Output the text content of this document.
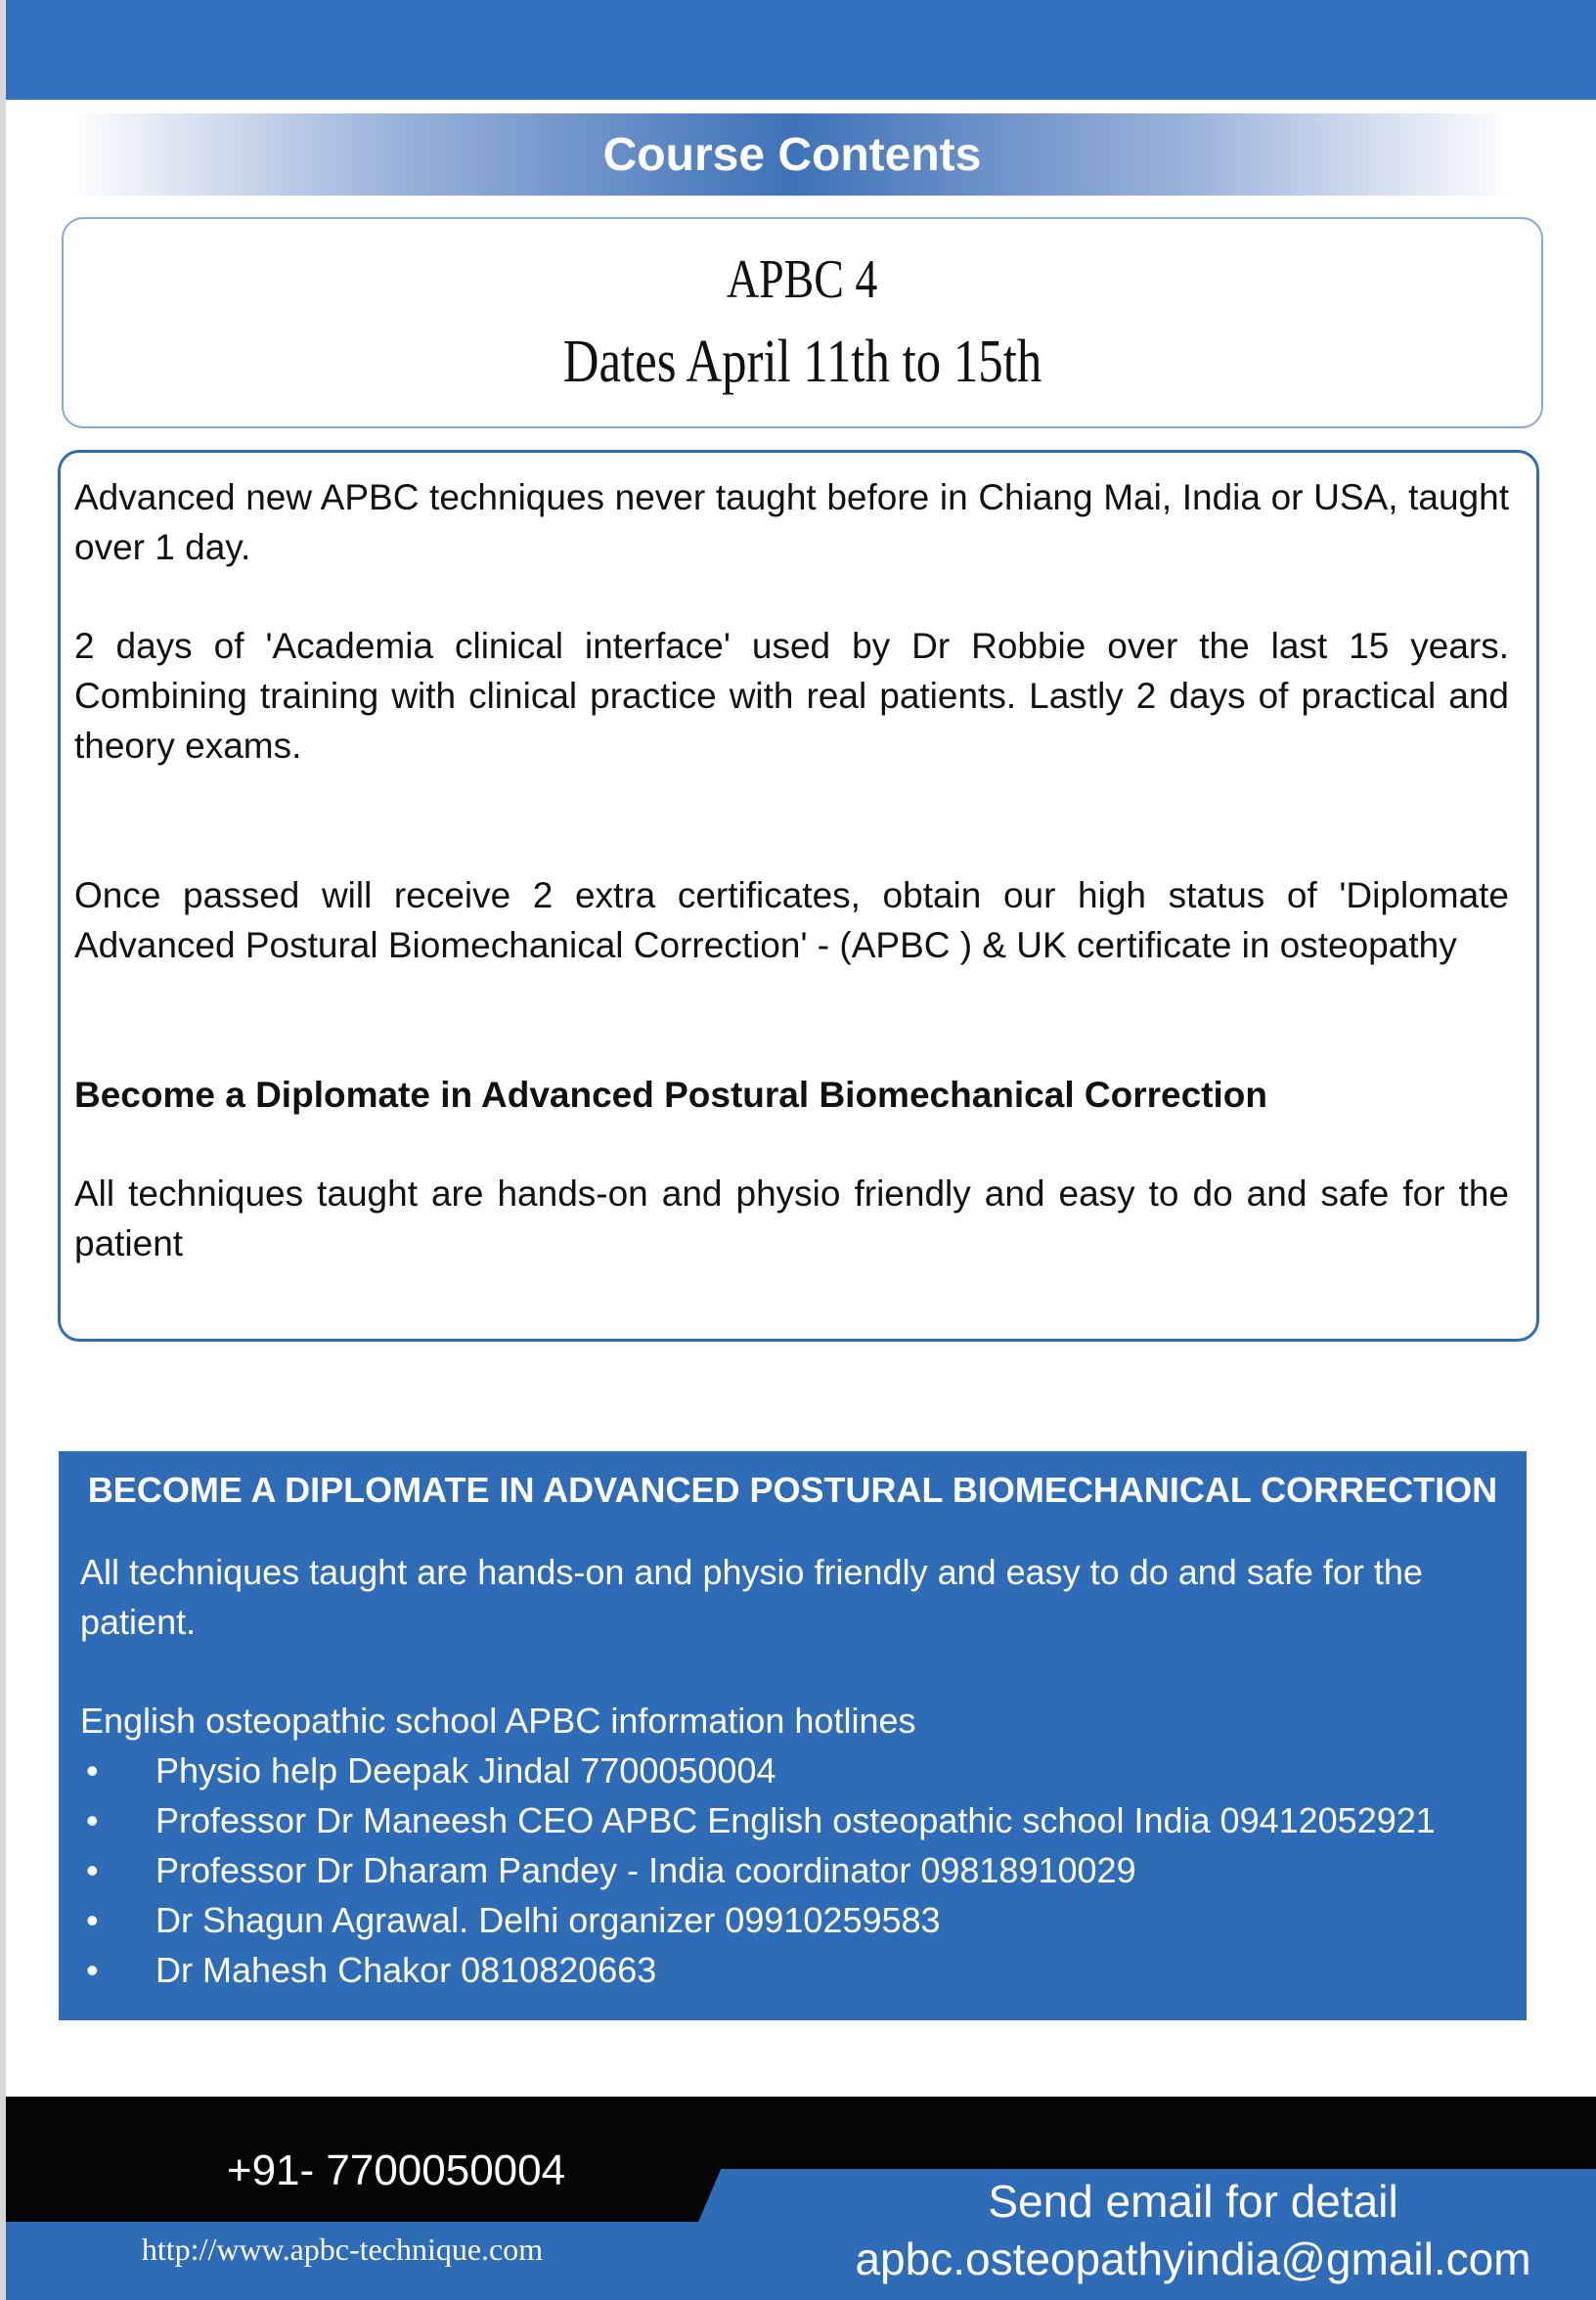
Course Contents
APBC 4
Dates April 11th to 15th

Advanced new APBC techniques never taught before in Chiang Mai, India or USA, taught over 1 day.

2 days of 'Academia clinical interface' used by Dr Robbie over the last 15 years. Combining training with clinical practice with real patients. Lastly 2 days of practical and theory exams.

Once passed will receive 2 extra certificates, obtain our high status of 'Diplomate Advanced Postural Biomechanical Correction' - (APBC ) & UK certificate in osteopathy

Become a Diplomate in Advanced Postural Biomechanical Correction

All techniques taught are hands-on and physio friendly and easy to do and safe for the patient

BECOME A DIPLOMATE IN ADVANCED POSTURAL BIOMECHANICAL CORRECTION

All techniques taught are hands-on and physio friendly and easy to do and safe for the patient.

English osteopathic school APBC information hotlines

• Physio help Deepak Jindal 7700050004
• Professor Dr Maneesh CEO APBC English osteopathic school India 09412052921
• Professor Dr Dharam Pandey - India coordinator 09818910029
• Dr Shagun Agrawal. Delhi organizer 09910259583
• Dr Mahesh Chakor 0810820663
+91- 7700050004
http://www.apbc-technique.com
Send email for detail
apbc.osteopathyindia@gmail.com
